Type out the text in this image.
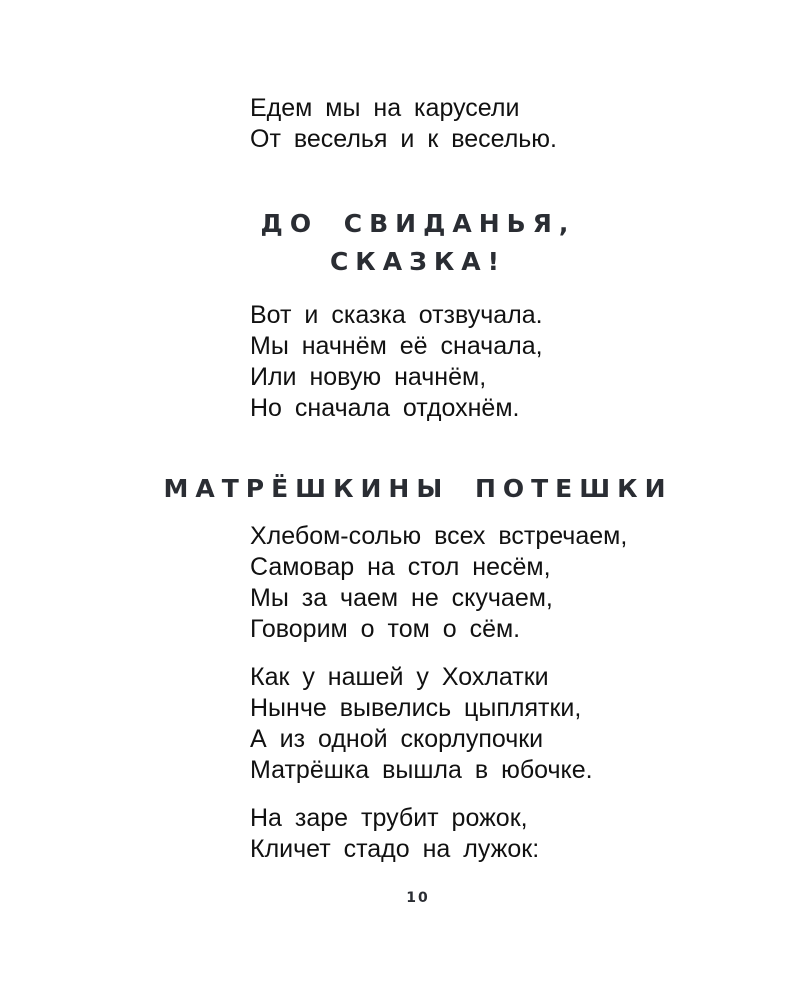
Едем мы на карусели
От веселья и к веселью.
ДО СВИДАНЬЯ,
СКАЗКА!
Вот и сказка отзвучала.
Мы начнём её сначала,
Или новую начнём,
Но сначала отдохнём.
МАТРЁШКИНЫ ПОТЕШКИ
Хлебом-солью всех встречаем,
Самовар на стол несём,
Мы за чаем не скучаем,
Говорим о том о сём.
Как у нашей у Хохлатки
Нынче вывелись цыплятки,
А из одной скорлупочки
Матрёшка вышла в юбочке.
На заре трубит рожок,
Кличет стадо на лужок:
10
